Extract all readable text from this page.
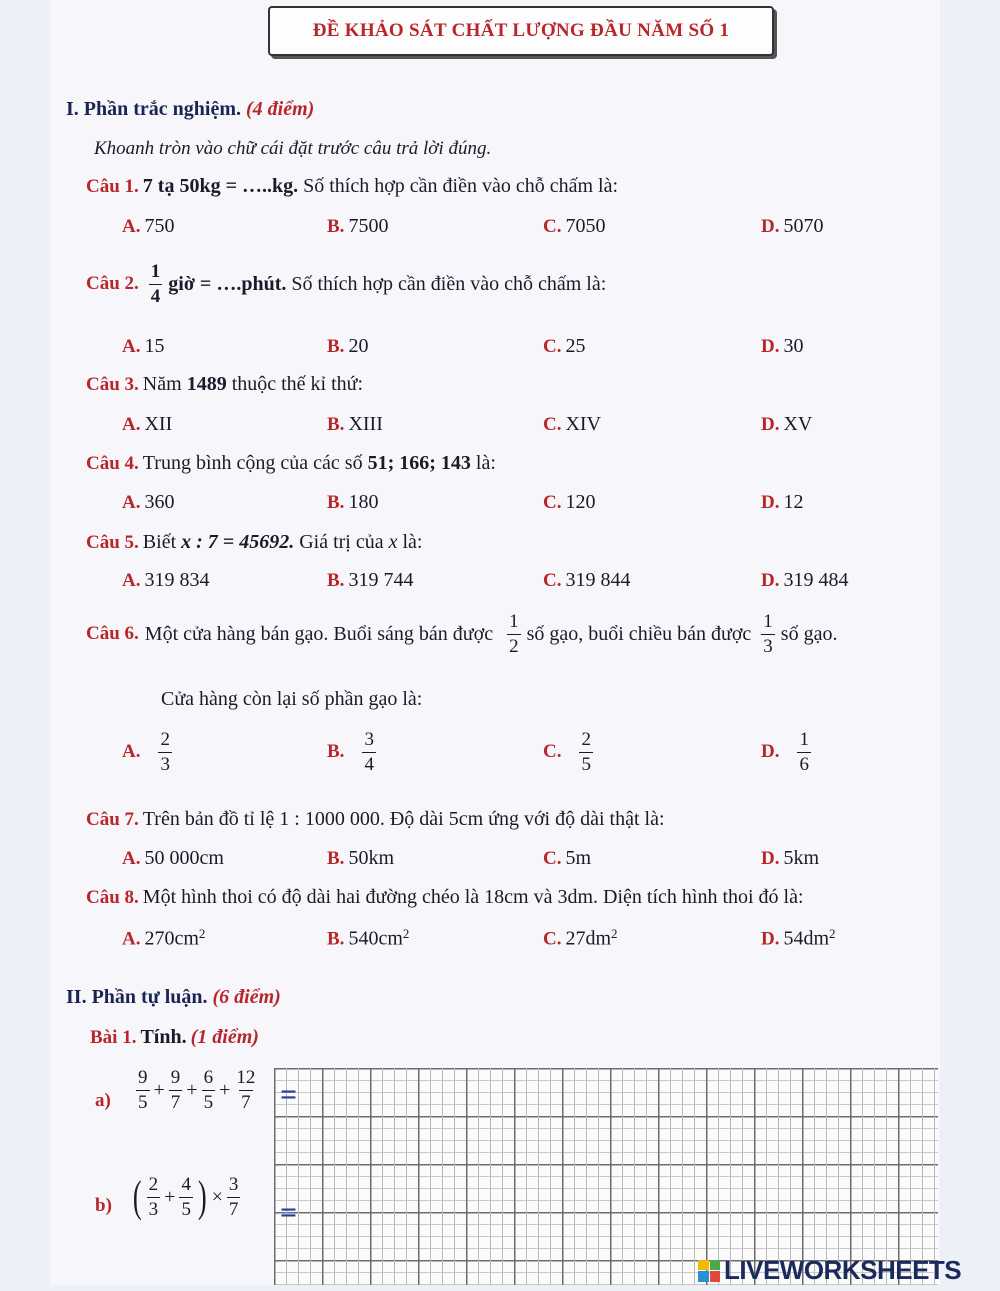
ĐỀ KHẢO SÁT CHẤT LƯỢNG ĐẦU NĂM SỐ 1
I. Phần trắc nghiệm. (4 điểm)
Khoanh tròn vào chữ cái đặt trước câu trả lời đúng.
Câu 1. 7 tạ 50kg = …..kg. Số thích hợp cần điền vào chỗ chấm là:
A. 750	B. 7500	C. 7050	D. 5070
Câu 2. $\frac{1}{4}$ giờ = ….phút. Số thích hợp cần điền vào chỗ chấm là:
A. 15	B. 20	C. 25	D. 30
Câu 3. Năm 1489 thuộc thế kỉ thứ:
A. XII	B. XIII	C. XIV	D. XV
Câu 4. Trung bình cộng của các số 51; 166; 143 là:
A. 360	B. 180	C. 120	D. 12
Câu 5. Biết x : 7 = 45692. Giá trị của x là:
A. 319 834	B. 319 744	C. 319 844	D. 319 484
Câu 6. Một cửa hàng bán gạo. Buổi sáng bán được $\frac{1}{2}$ số gạo, buổi chiều bán được $\frac{1}{3}$ số gạo.
Cửa hàng còn lại số phần gạo là:
A. $\frac{2}{3}$	B. $\frac{3}{4}$	C. $\frac{2}{5}$	D. $\frac{1}{6}$
Câu 7. Trên bản đồ tỉ lệ 1 : 1000 000. Độ dài 5cm ứng với độ dài thật là:
A. 50 000cm	B. 50km	C. 5m	D. 5km
Câu 8. Một hình thoi có độ dài hai đường chéo là 18cm và 3dm. Diện tích hình thoi đó là:
A. $270cm^2$	B. $540cm^2$	C. $27dm^2$	D. $54dm^2$
II. Phần tự luận. (6 điểm)
Bài 1. Tính. (1 điểm)
$a) \frac{9}{5} + \frac{9}{7} + \frac{6}{5} + \frac{12}{7}$ =
b) ( $\frac{2}{3} + \frac{4}{5}$ ) × $\frac{3}{7}$ =
LIVEWORKSHEETS
